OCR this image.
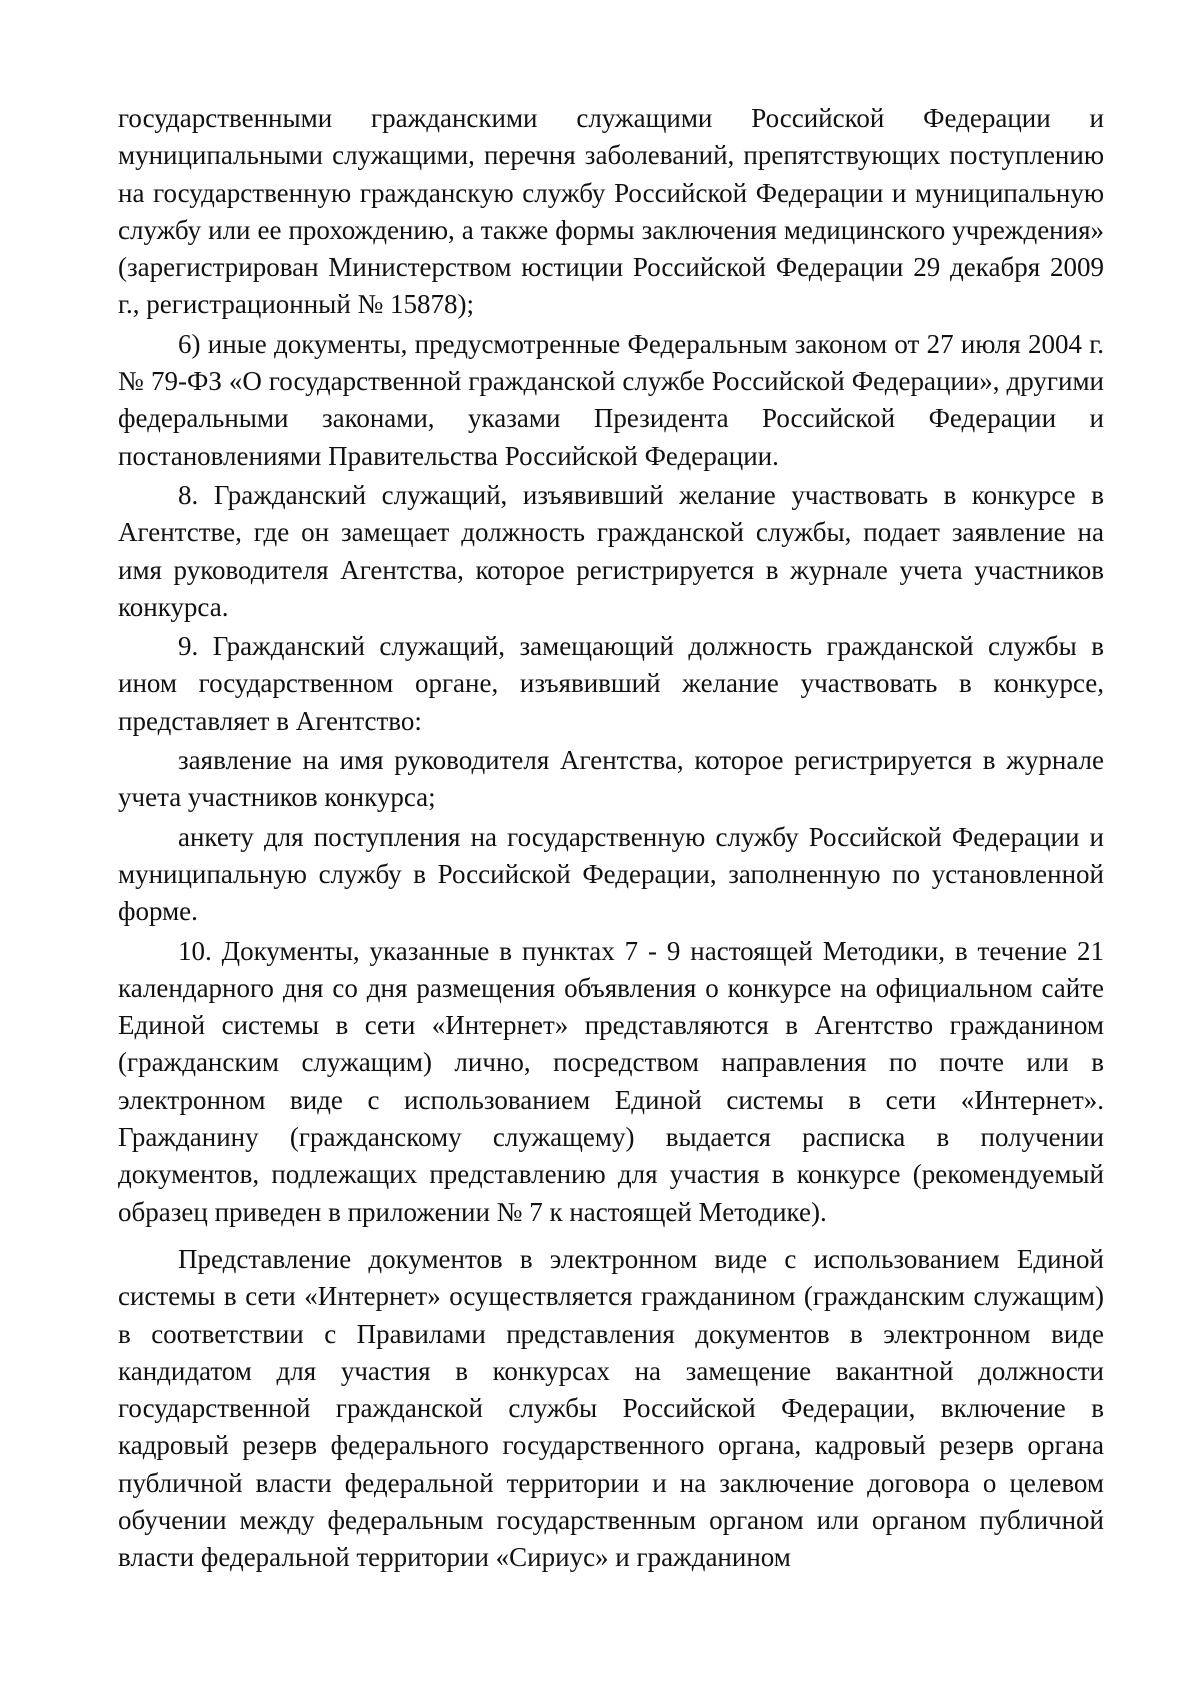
государственными гражданскими служащими Российской Федерации и муниципальными служащими, перечня заболеваний, препятствующих поступлению на государственную гражданскую службу Российской Федерации и муниципальную службу или ее прохождению, а также формы заключения медицинского учреждения» (зарегистрирован Министерством юстиции Российской Федерации 29 декабря 2009 г., регистрационный № 15878);

6) иные документы, предусмотренные Федеральным законом от 27 июля 2004 г. № 79-ФЗ «О государственной гражданской службе Российской Федерации», другими федеральными законами, указами Президента Российской Федерации и постановлениями Правительства Российской Федерации.

8. Гражданский служащий, изъявивший желание участвовать в конкурсе в Агентстве, где он замещает должность гражданской службы, подает заявление на имя руководителя Агентства, которое регистрируется в журнале учета участников конкурса.

9. Гражданский служащий, замещающий должность гражданской службы в ином государственном органе, изъявивший желание участвовать в конкурсе, представляет в Агентство:

заявление на имя руководителя Агентства, которое регистрируется в журнале учета участников конкурса;

анкету для поступления на государственную службу Российской Федерации и муниципальную службу в Российской Федерации, заполненную по установленной форме.

10. Документы, указанные в пунктах 7 - 9 настоящей Методики, в течение 21 календарного дня со дня размещения объявления о конкурсе на официальном сайте Единой системы в сети «Интернет» представляются в Агентство гражданином (гражданским служащим) лично, посредством направления по почте или в электронном виде с использованием Единой системы в сети «Интернет». Гражданину (гражданскому служащему) выдается расписка в получении документов, подлежащих представлению для участия в конкурсе (рекомендуемый образец приведен в приложении № 7 к настоящей Методике).

Представление документов в электронном виде с использованием Единой системы в сети «Интернет» осуществляется гражданином (гражданским служащим) в соответствии с Правилами представления документов в электронном виде кандидатом для участия в конкурсах на замещение вакантной должности государственной гражданской службы Российской Федерации, включение в кадровый резерв федерального государственного органа, кадровый резерв органа публичной власти федеральной территории и на заключение договора о целевом обучении между федеральным государственным органом или органом публичной власти федеральной территории «Сириус» и гражданином
